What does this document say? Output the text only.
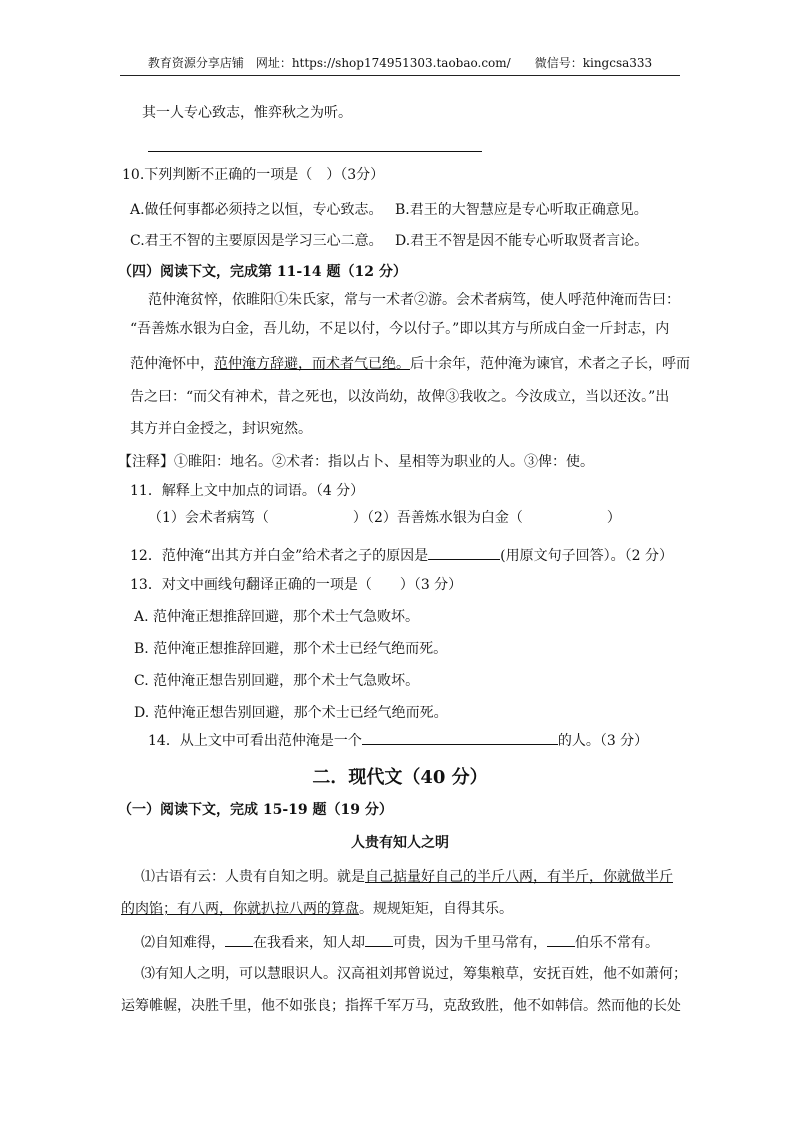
教育资源分享店铺　网址：https://shop174951303.taobao.com/　　微信号：kingcsa333
其一人专心致志，惟弈秋之为听。
10.下列判断不正确的一项是（　）（3分）
A.做任何事都必须持之以恒，专心致志。 B.君王的大智慧应是专心听取正确意见。
C.君王不智的主要原因是学习三心二意。 D.君王不智是因不能专心听取贤者言论。
（四）阅读下文，完成第 11-14 题（12 分）
范仲淹贫悴，依睢阳①朱氏家，常与一术者②游。会术者病笃，使人呼范仲淹而告曰：
“吾善炼水银为白金，吾儿幼，不足以付，今以付子。”即以其方与所成白金一斤封志，内
范仲淹怀中，范仲淹方辞避，而术者气已绝。后十余年，范仲淹为谏官，术者之子长，呼而
告之曰：“而父有神术，昔之死也，以汝尚幼，故俾③我收之。今汝成立，当以还汝。”出
其方并白金授之，封识宛然。
【注释】①睢阳：地名。②术者：指以占卜、星相等为职业的人。③俾：使。
11．解释上文中加点的词语。（4 分）
（1）会术者病笃（　　　　　　）
（2）吾善炼水银为白金（　　　　　　）
12．范仲淹“出其方并白金”给术者之子的原因是	(用原文句子回答）。（2 分）
13．对文中画线句翻译正确的一项是（　　）（3 分）
A. 范仲淹正想推辞回避，那个术士气急败坏。
B. 范仲淹正想推辞回避，那个术士已经气绝而死。
C. 范仲淹正想告别回避，那个术士气急败坏。
D. 范仲淹正想告别回避，那个术士已经气绝而死。
14．从上文中可看出范仲淹是一个	的人。（3 分）
二．现代文（40 分）
（一）阅读下文，完成 15-19 题（19 分）
人贵有知人之明
⑴古语有云：人贵有自知之明。就是自己掂量好自己的半斤八两，有半斤，你就做半斤
的肉馅；有八两，你就扒拉八两的算盘。规规矩矩，自得其乐。
⑵自知难得， 在我看来，知人却 可贵，因为千里马常有， 伯乐不常有。
⑶有知人之明，可以慧眼识人。汉高祖刘邦曾说过，筹集粮草，安抚百姓，他不如萧何；
运筹帷幄，决胜千里，他不如张良；指挥千军万马，克敌致胜，他不如韩信。然而他的长处
